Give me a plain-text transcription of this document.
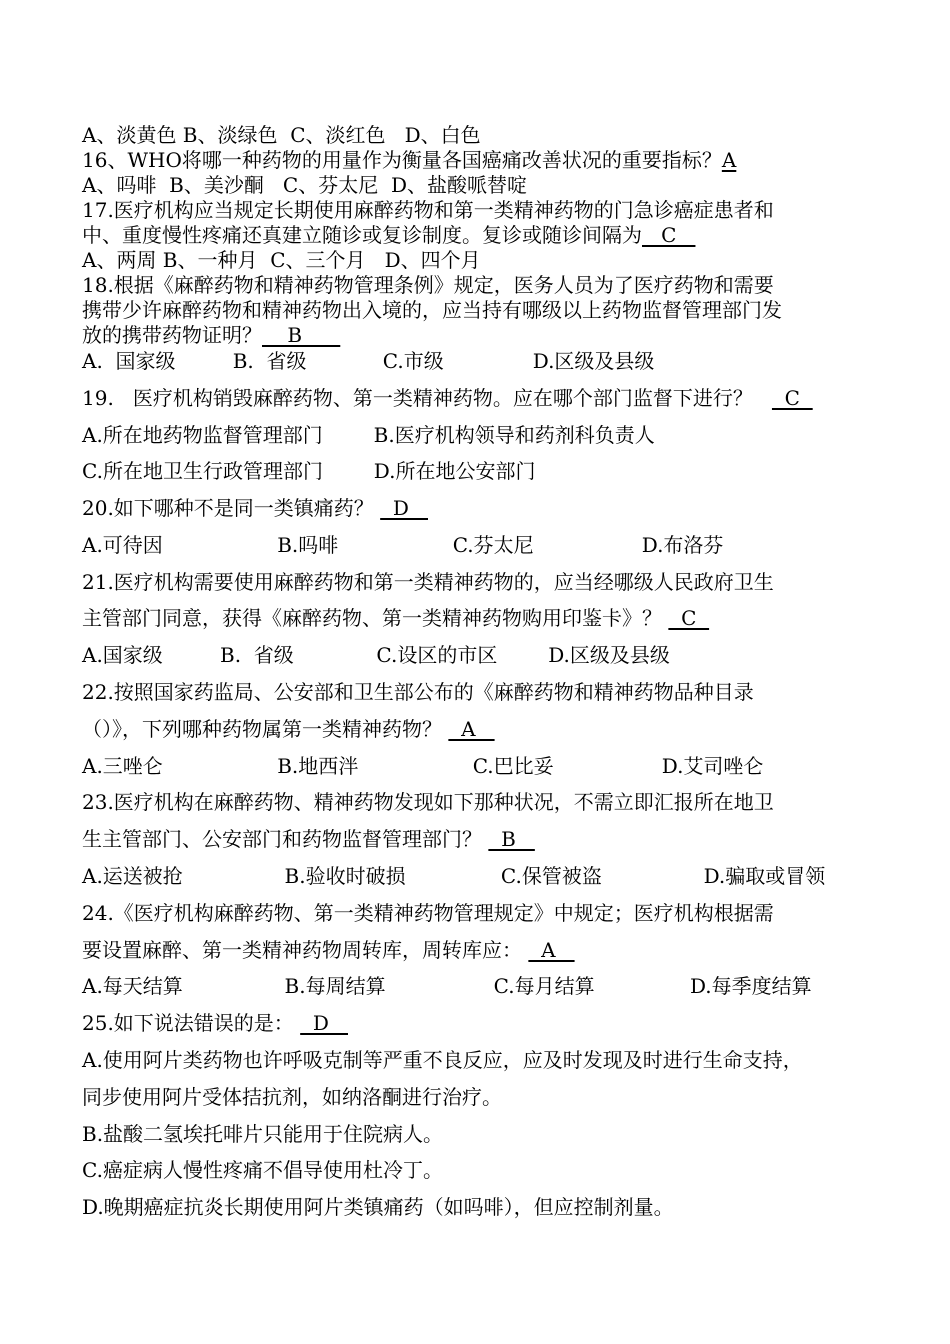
A、淡黄色 B、淡绿色  C、淡红色   D、白色
16、WHO将哪一种药物的用量作为衡量各国癌痛改善状况的重要指标？A
A、吗啡  B、美沙酮   C、芬太尼  D、盐酸哌替啶
17.医疗机构应当规定长期使用麻醉药物和第一类精神药物的门急诊癌症患者和
中、重度慢性疼痛还真建立随诊或复诊制度。复诊或随诊间隔为   C
A、两周 B、一种月  C、三个月   D、四个月
18.根据《麻醉药物和精神药物管理条例》规定，医务人员为了医疗药物和需要
携带少许麻醉药物和精神药物出入境的，应当持有哪级以上药物监督管理部门发
放的携带药物证明？    B
A.  国家级         B.  省级            C.市级              D.区级及县级
19.   医疗机构销毁麻醉药物、第一类精神药物。应在哪个部门监督下进行？     C
A.所在地药物监督管理部门        B.医疗机构领导和药剂科负责人
C.所在地卫生行政管理部门        D.所在地公安部门
20.如下哪种不是同一类镇痛药？   D
A.可待因                  B.吗啡                  C.芬太尼                 D.布洛芬
21.医疗机构需要使用麻醉药物和第一类精神药物的，应当经哪级人民政府卫生
主管部门同意，获得《麻醉药物、第一类精神药物购用印鉴卡》？   C
A.国家级         B.  省级             C.设区的市区        D.区级及县级
22.按照国家药监局、公安部和卫生部公布的《麻醉药物和精神药物品种目录
（）》，下列哪种药物属第一类精神药物？   A
A.三唑仑                  B.地西泮                  C.巴比妥                 D.艾司唑仑
23.医疗机构在麻醉药物、精神药物发现如下那种状况，不需立即汇报所在地卫
生主管部门、公安部门和药物监督管理部门？   B
A.运送被抢                B.验收时破损               C.保管被盗                D.骗取或冒领
24.《医疗机构麻醉药物、第一类精神药物管理规定》中规定；医疗机构根据需
要设置麻醉、第一类精神药物周转库，周转库应：   A
A.每天结算                B.每周结算                 C.每月结算               D.每季度结算
25.如下说法错误的是：   D
A.使用阿片类药物也许呼吸克制等严重不良反应，应及时发现及时进行生命支持，
同步使用阿片受体拮抗剂，如纳洛酮进行治疗。
B.盐酸二氢埃托啡片只能用于住院病人。
C.癌症病人慢性疼痛不倡导使用杜冷丁。
D.晚期癌症抗炎长期使用阿片类镇痛药（如吗啡），但应控制剂量。
